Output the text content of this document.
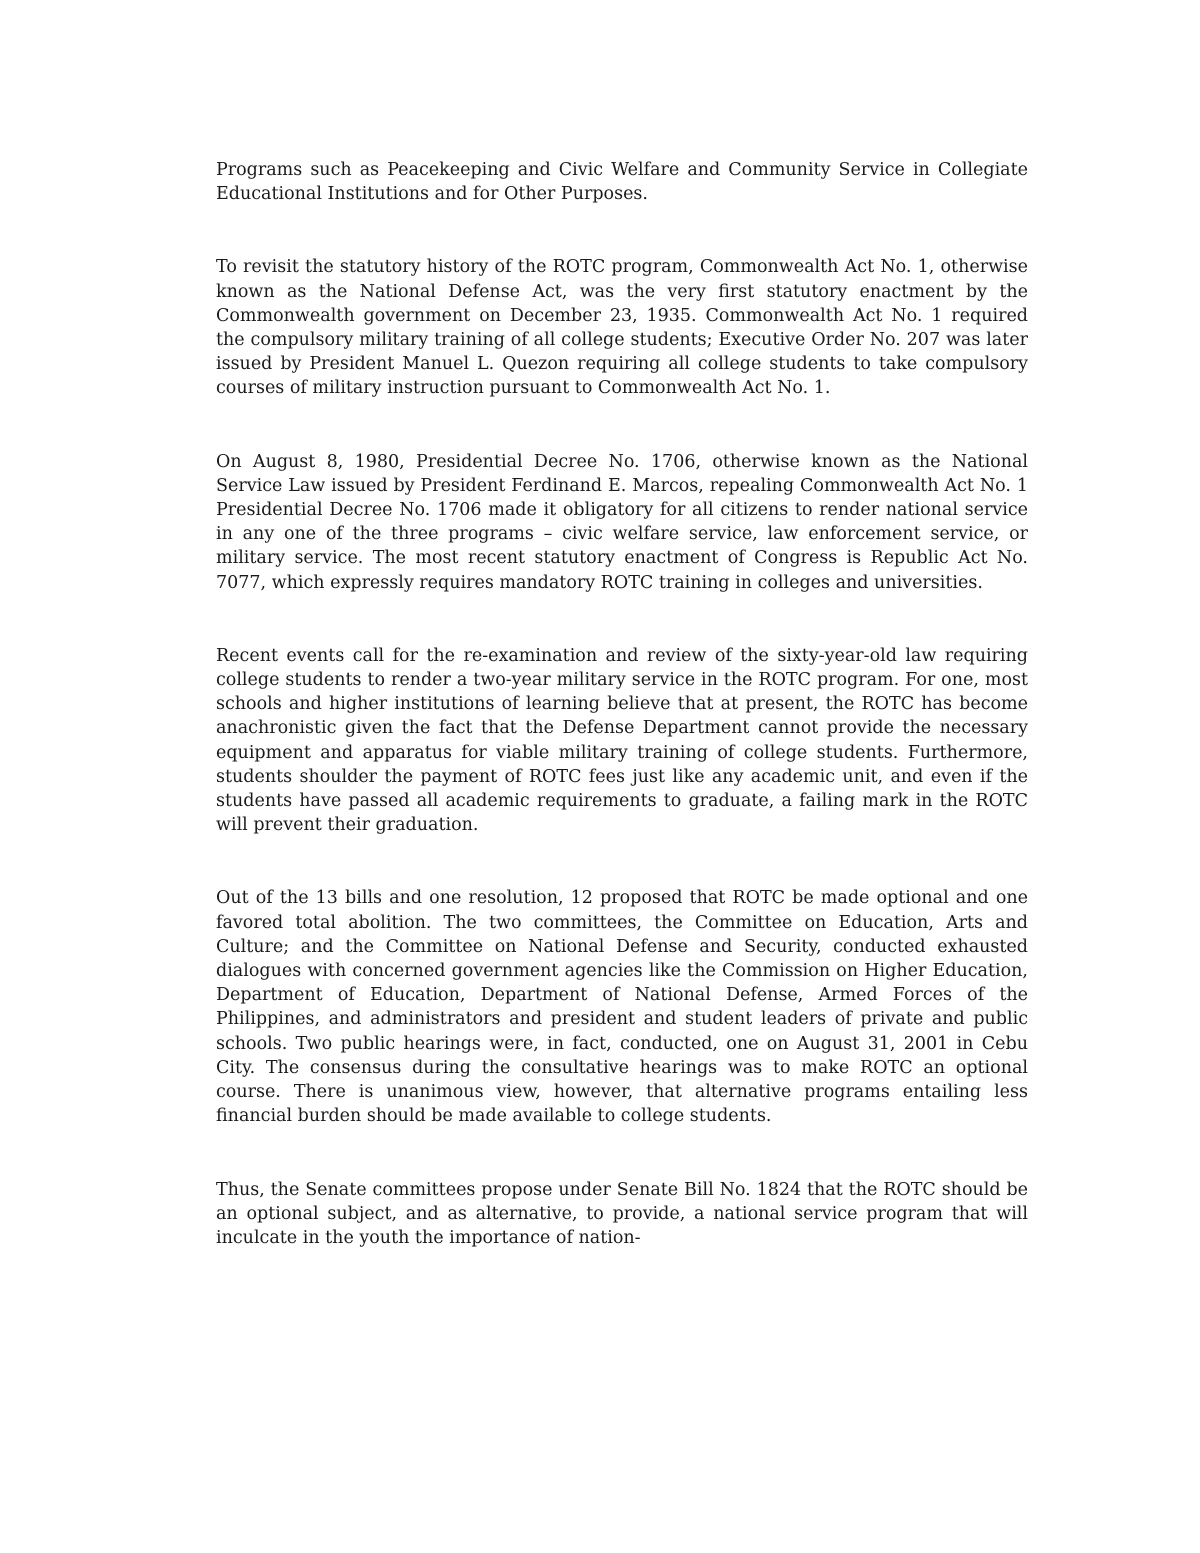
Programs such as Peacekeeping and Civic Welfare and Community Service in Collegiate Educational Institutions and for Other Purposes.

To revisit the statutory history of the ROTC program, Commonwealth Act No. 1, otherwise known as the National Defense Act, was the very first statutory enactment by the Commonwealth government on December 23, 1935. Commonwealth Act No. 1 required the compulsory military training of all college students; Executive Order No. 207 was later issued by President Manuel L. Quezon requiring all college students to take compulsory courses of military instruction pursuant to Commonwealth Act No. 1.

On August 8, 1980, Presidential Decree No. 1706, otherwise known as the National Service Law issued by President Ferdinand E. Marcos, repealing Commonwealth Act No. 1 Presidential Decree No. 1706 made it obligatory for all citizens to render national service in any one of the three programs – civic welfare service, law enforcement service, or military service. The most recent statutory enactment of Congress is Republic Act No. 7077, which expressly requires mandatory ROTC training in colleges and universities.

Recent events call for the re-examination and review of the sixty-year-old law requiring college students to render a two-year military service in the ROTC program. For one, most schools and higher institutions of learning believe that at present, the ROTC has become anachronistic given the fact that the Defense Department cannot provide the necessary equipment and apparatus for viable military training of college students. Furthermore, students shoulder the payment of ROTC fees just like any academic unit, and even if the students have passed all academic requirements to graduate, a failing mark in the ROTC will prevent their graduation.

Out of the 13 bills and one resolution, 12 proposed that ROTC be made optional and one favored total abolition. The two committees, the Committee on Education, Arts and Culture; and the Committee on National Defense and Security, conducted exhausted dialogues with concerned government agencies like the Commission on Higher Education, Department of Education, Department of National Defense, Armed Forces of the Philippines, and administrators and president and student leaders of private and public schools. Two public hearings were, in fact, conducted, one on August 31, 2001 in Cebu City. The consensus during the consultative hearings was to make ROTC an optional course. There is unanimous view, however, that alternative programs entailing less financial burden should be made available to college students.

Thus, the Senate committees propose under Senate Bill No. 1824 that the ROTC should be an optional subject, and as alternative, to provide, a national service program that will inculcate in the youth the importance of nation-
